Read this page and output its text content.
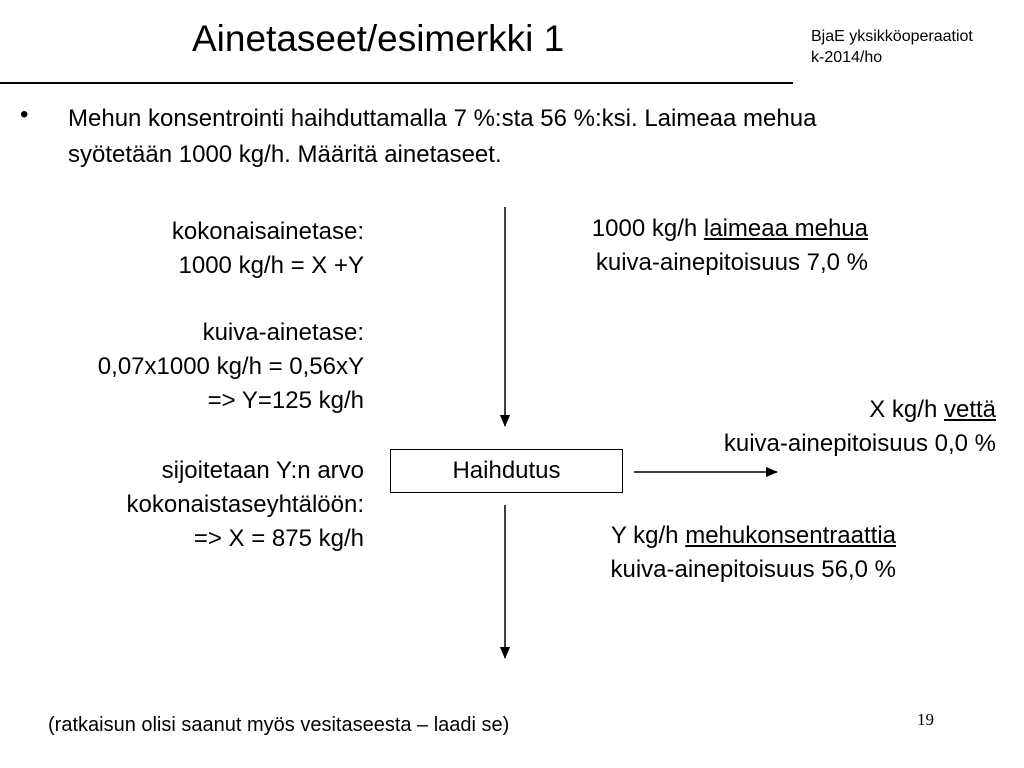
Ainetaseet/esimerkki 1	BjaE yksikköoperaatiot
k-2014/ho
• Mehun konsentrointi haihduttamalla 7 %:sta 56 %:ksi. Laimeaa mehua
syötetään 1000 kg/h. Määritä ainetaseet.
kokonaisainetase:
1000 kg/h = X +Y
kuiva-ainetase:
0,07x1000 kg/h = 0,56xY
=> Y=125 kg/h
sijoitetaan Y:n arvo
kokonaistaseyhtälöön:
=> X = 875 kg/h
1000 kg/h laimeaa mehua
kuiva-ainepitoisuus 7,0 %
X kg/h vettä
kuiva-ainepitoisuus 0,0 %
Y kg/h mehukonsentraattia
kuiva-ainepitoisuus 56,0 %
Haihdutus
(ratkaisun olisi saanut myös vesitaseesta – laadi se)	19
